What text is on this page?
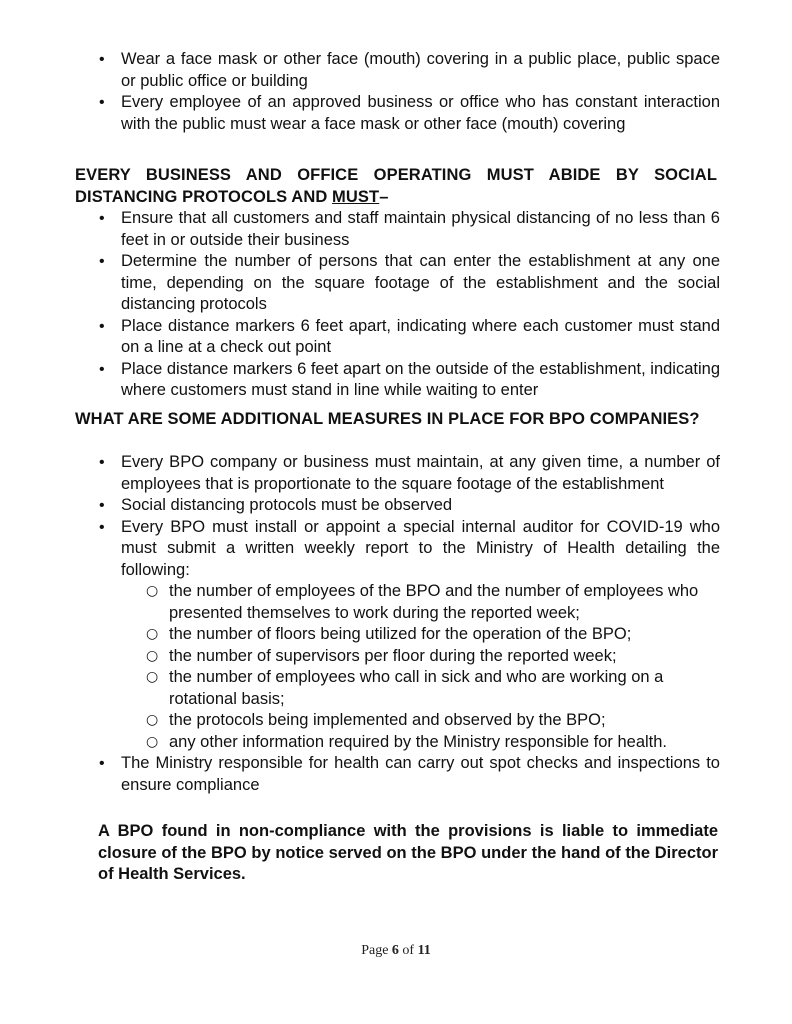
• Wear a face mask or other face (mouth) covering in a public place, public space or public office or building
• Every employee of an approved business or office who has constant interaction with the public must wear a face mask or other face (mouth) covering

EVERY BUSINESS AND OFFICE OPERATING MUST ABIDE BY SOCIAL DISTANCING PROTOCOLS AND MUST–

• Ensure that all customers and staff maintain physical distancing of no less than 6 feet in or outside their business
• Determine the number of persons that can enter the establishment at any one time, depending on the square footage of the establishment and the social distancing protocols
• Place distance markers 6 feet apart, indicating where each customer must stand on a line at a check out point
• Place distance markers 6 feet apart on the outside of the establishment, indicating where customers must stand in line while waiting to enter

WHAT ARE SOME ADDITIONAL MEASURES IN PLACE FOR BPO COMPANIES?

• Every BPO company or business must maintain, at any given time, a number of employees that is proportionate to the square footage of the establishment
• Social distancing protocols must be observed
• Every BPO must install or appoint a special internal auditor for COVID-19 who must submit a written weekly report to the Ministry of Health detailing the following:
○ the number of employees of the BPO and the number of employees who presented themselves to work during the reported week;
○ the number of floors being utilized for the operation of the BPO;
○ the number of supervisors per floor during the reported week;
○ the number of employees who call in sick and who are working on a rotational basis;
○ the protocols being implemented and observed by the BPO;
○ any other information required by the Ministry responsible for health.
• The Ministry responsible for health can carry out spot checks and inspections to ensure compliance

A BPO found in non-compliance with the provisions is liable to immediate closure of the BPO by notice served on the BPO under the hand of the Director of Health Services.

Page 6 of 11
